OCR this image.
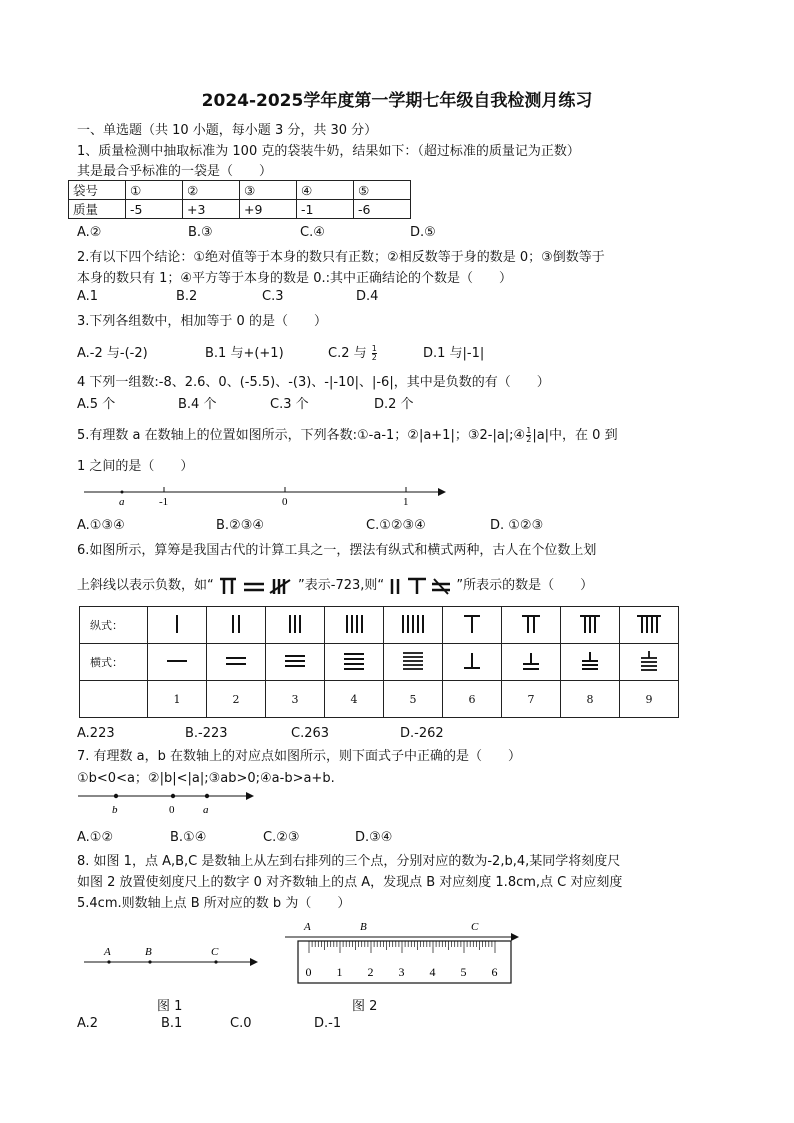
2024-2025学年度第一学期七年级自我检测月练习
一、单选题（共 10 小题，每小题 3 分，共 30 分）
1、质量检测中抽取标准为 100 克的袋装牛奶，结果如下：（超过标准的质量记为正数）
其是最合乎标准的一袋是（　　）
袋号	①	②	③	④	⑤
质量	-5	+3	+9	-1	-6
A.②	B.③	C.④	D.⑤
2.有以下四个结论：①绝对值等于本身的数只有正数；②相反数等于身的数是 0；③倒数等于
本身的数只有 1；④平方等于本身的数是 0.:其中正确结论的个数是（　　）
A.1	B.2	C.3	D.4
3.下列各组数中，相加等于 0 的是（　　）
A.-2 与-(-2)	B.1 与+(+1)	C.2 与 $\frac{1}{2}$	D.1 与|-1|
4 下列一组数:-8、2.6、0、(-5.5)、-(3)、-|-10|、|-6|，其中是负数的有（　　）
A.5 个	B.4 个	C.3 个	D.2 个
5.有理数 a 在数轴上的位置如图所示，下列各数:①-a-1；②|a+1|；③2-|a|;④ $\frac{1}{2} |a|$中，在 0 到
1 之间的是（　　）
a	-1	0	1
A.①③④	B.②③④	C.①②③④	D. ①②③
6.如图所示，算筹是我国古代的计算工具之一，摆法有纵式和横式两种，古人在个位数上划
上斜线以表示负数，如“	”表示-723,则“	”所表示的数是（　　）
纵式：									
横式：									
	1	2	3	4	5	6	7	8	9
A.223	B.-223	C.263	D.-262
7. 有理数 a，b 在数轴上的对应点如图所示，则下面式子中正确的是（　　）
①b<0<a；②|b|<|a|;③ab>0;④a-b>a+b.
b	0	a
A.①②	B.①④	C.②③	D.③④
8. 如图 1，点 A,B,C 是数轴上从左到右排列的三个点，分别对应的数为-2,b,4,某同学将刻度尺
如图 2 放置使刻度尺上的数字 0 对齐数轴上的点 A，发现点 B 对应刻度 1.8cm,点 C 对应刻度
5.4cm.则数轴上点 B 所对应的数 b 为（　　）
A	B	C
图 1
A	B	C
0 1 2 3 4 5 6
图 2
A.2	B.1	C.0	D.-1
